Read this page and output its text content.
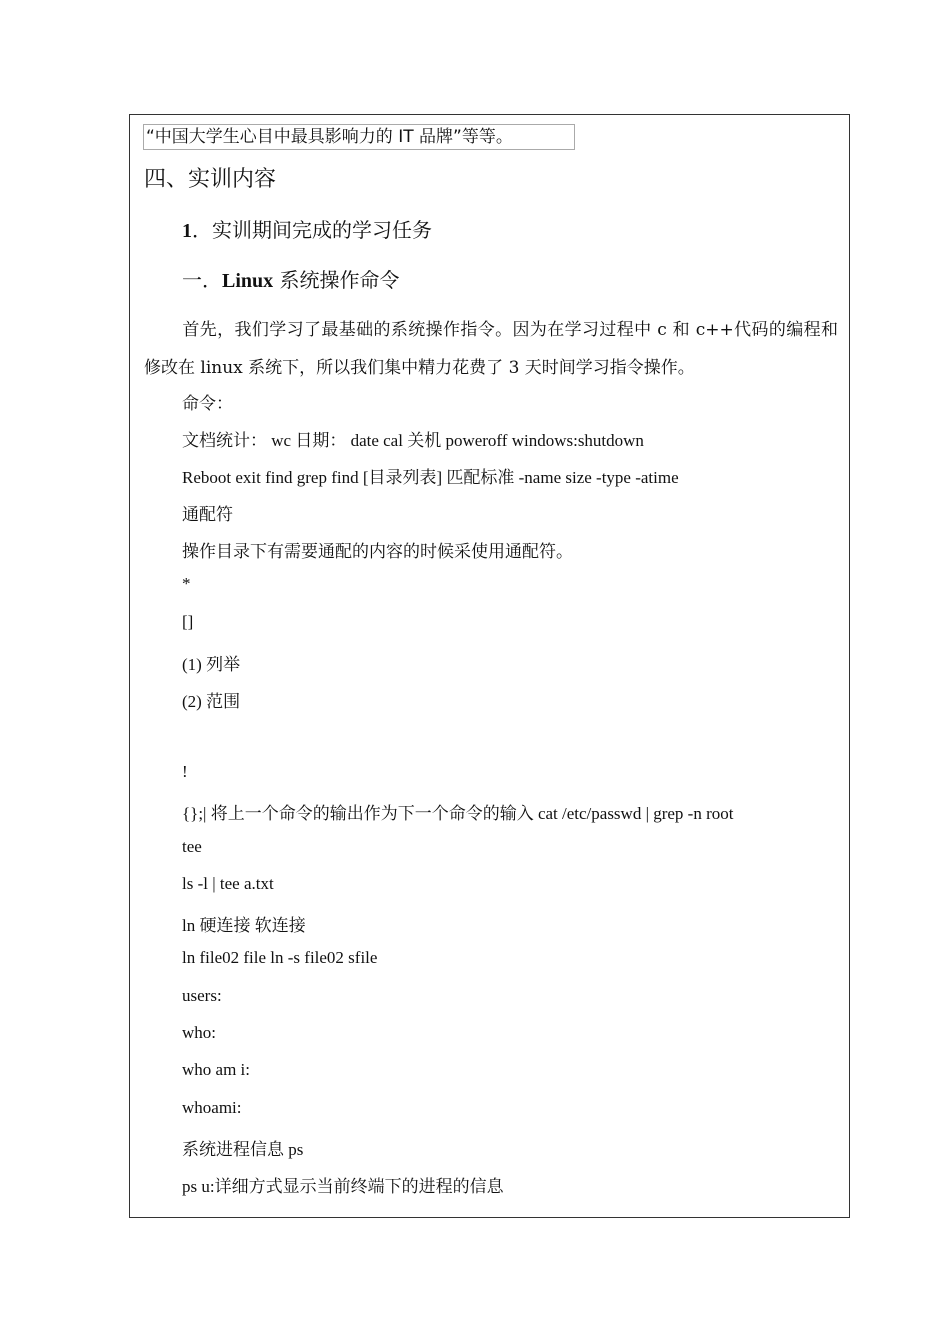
“中国大学生心目中最具影响力的 IT 品牌”等等。
四、实训内容
1．实训期间完成的学习任务
一．Linux 系统操作命令
首先，我们学习了最基础的系统操作指令。因为在学习过程中 c 和 c++代码的编程和修改在 linux 系统下，所以我们集中精力花费了 3 天时间学习指令操作。
命令：
文档统计： wc 日期： date cal 关机 poweroff windows:shutdown
Reboot exit find grep find [目录列表] 匹配标准 -name size -type -atime
通配符
操作目录下有需要通配的内容的时候采使用通配符。
*
[]
(1) 列举
(2) 范围
!
{};| 将上一个命令的输出作为下一个命令的输入 cat /etc/passwd | grep -n root
tee
ls -l | tee a.txt
ln 硬连接 软连接
ln file02 file ln -s file02 sfile
users:
who:
who am i:
whoami:
系统进程信息 ps
ps u:详细方式显示当前终端下的进程的信息
